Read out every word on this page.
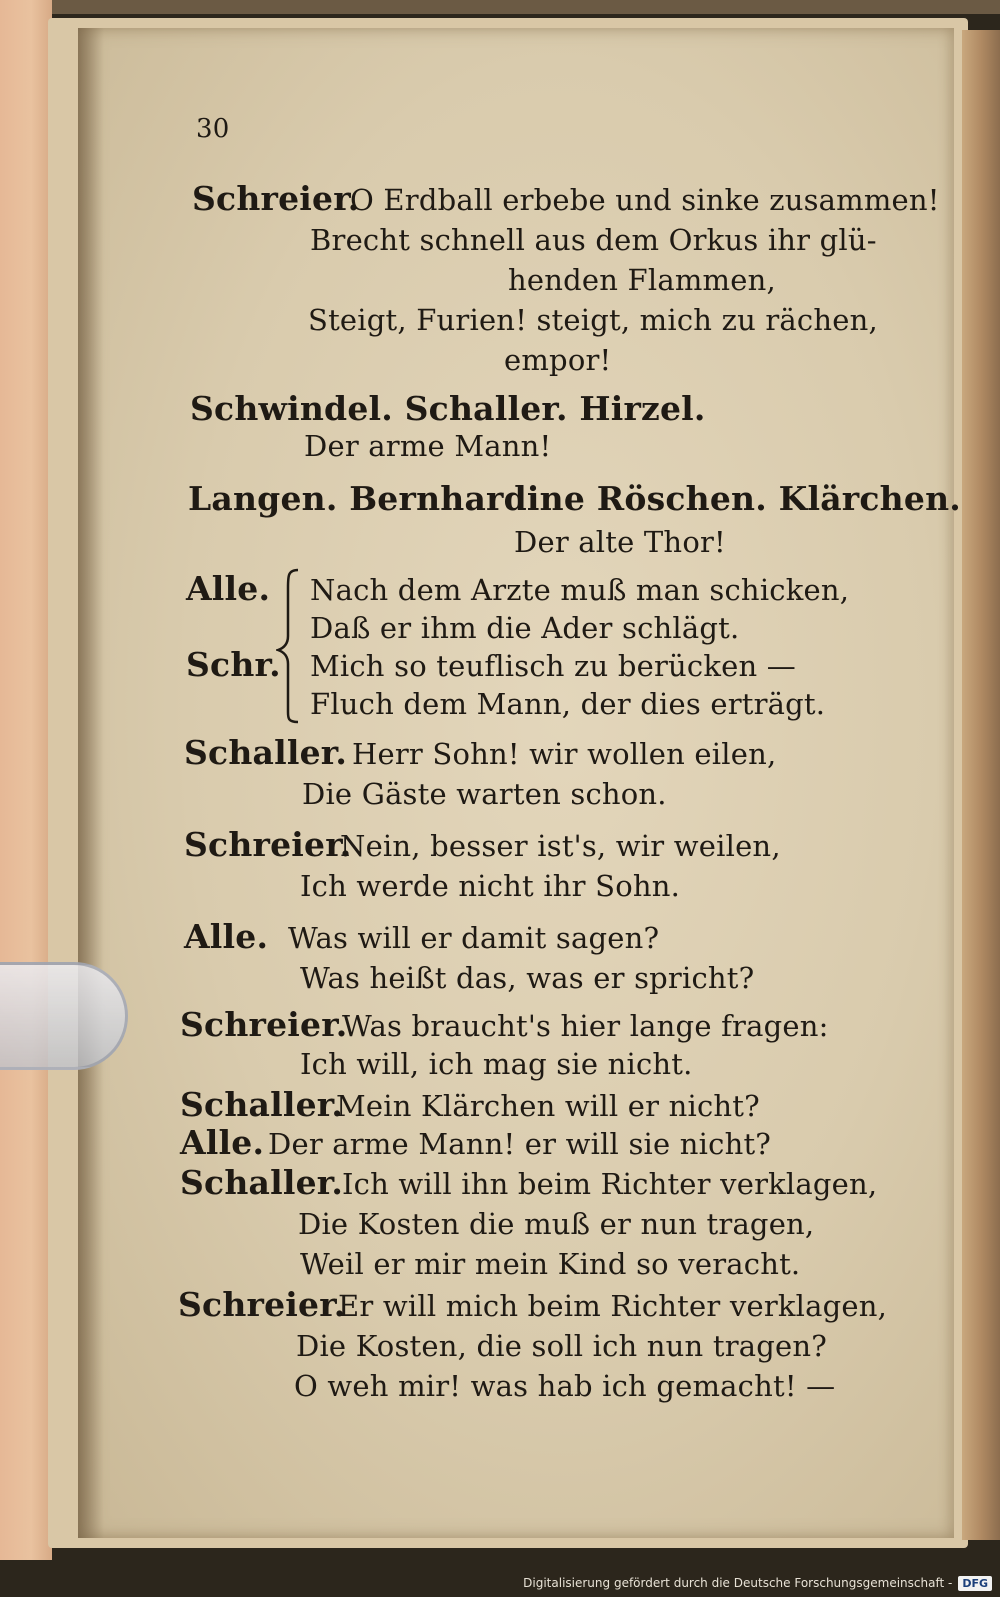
30
Schreier.
O Erdball erbebe und sinke zusammen!
Brecht schnell aus dem Orkus ihr glü-
henden Flammen,
Steigt, Furien! steigt, mich zu rächen,
empor!
Schwindel. Schaller. Hirzel.
Der arme Mann!
Langen. Bernhardine Röschen. Klärchen.
Der alte Thor!
Alle. Nach dem Arzte muß man schicken,
Daß er ihm die Ader schlägt.
Schr. Mich so teuflisch zu berücken —
Fluch dem Mann, der dies erträgt.
Schaller. Herr Sohn! wir wollen eilen,
Die Gäste warten schon.
Schreier.
Nein, besser ist's, wir weilen,
Ich werde nicht ihr Sohn.
Alle. Was will er damit sagen?
Was heißt das, was er spricht?
Schreier.
Was braucht's hier lange fragen:
Ich will, ich mag sie nicht.
Schaller.
Mein Klärchen will er nicht?
Alle. Der arme Mann! er will sie nicht?
Schaller.
Ich will ihn beim Richter verklagen,
Die Kosten die muß er nun tragen,
Weil er mir mein Kind so veracht.
Schreier.
Er will mich beim Richter verklagen,
Die Kosten, die soll ich nun tragen?
O weh mir! was hab ich gemacht! —
Digitalisierung gefördert durch die Deutsche Forschungsgemeinschaft - DFG
